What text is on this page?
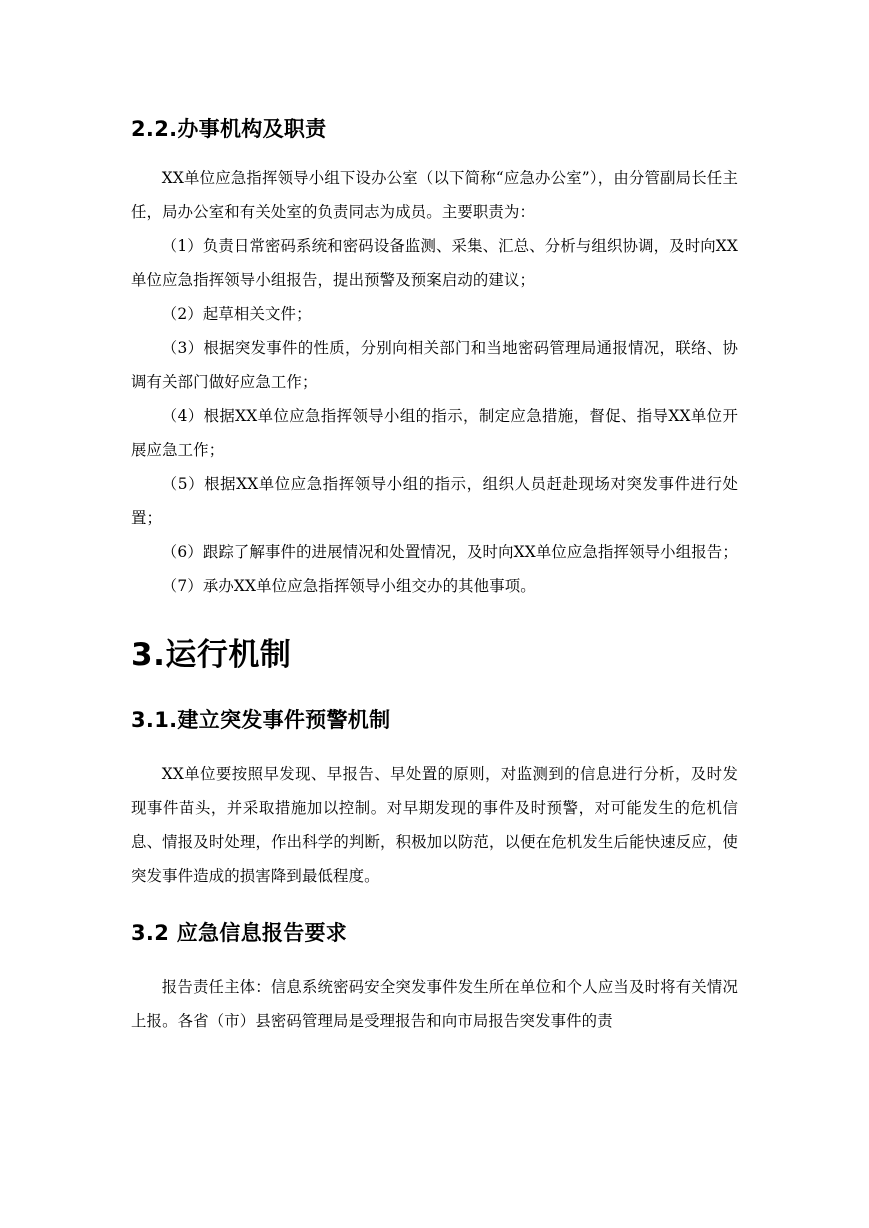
2.2.办事机构及职责

XX单位应急指挥领导小组下设办公室（以下简称“应急办公室”），由分管副局长任主任，局办公室和有关处室的负责同志为成员。主要职责为：

（1）负责日常密码系统和密码设备监测、采集、汇总、分析与组织协调，及时向XX单位应急指挥领导小组报告，提出预警及预案启动的建议；

（2）起草相关文件；

（3）根据突发事件的性质，分别向相关部门和当地密码管理局通报情况，联络、协调有关部门做好应急工作；

（4）根据XX单位应急指挥领导小组的指示，制定应急措施，督促、指导XX单位开展应急工作；

（5）根据XX单位应急指挥领导小组的指示，组织人员赶赴现场对突发事件进行处置；

（6）跟踪了解事件的进展情况和处置情况，及时向XX单位应急指挥领导小组报告；

（7）承办XX单位应急指挥领导小组交办的其他事项。

3.运行机制
3.1.建立突发事件预警机制

XX单位要按照早发现、早报告、早处置的原则，对监测到的信息进行分析，及时发现事件苗头，并采取措施加以控制。对早期发现的事件及时预警，对可能发生的危机信息、情报及时处理，作出科学的判断，积极加以防范，以便在危机发生后能快速反应，使突发事件造成的损害降到最低程度。

3.2 应急信息报告要求

报告责任主体：信息系统密码安全突发事件发生所在单位和个人应当及时将有关情况上报。各省（市）县密码管理局是受理报告和向市局报告突发事件的责
